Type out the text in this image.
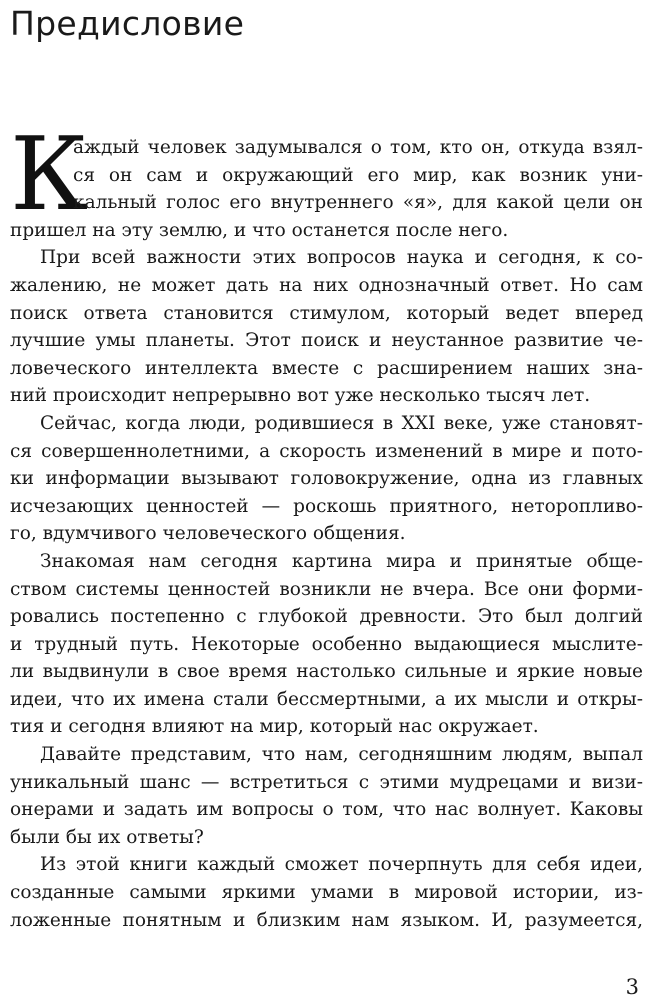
Предисловие
К
аждый человек задумывался о том, кто он, откуда взял-
ся он сам и окружающий его мир, как возник уни-
кальный голос его внутреннего «я», для какой цели он
пришел на эту землю, и что останется после него.
При всей важности этих вопросов наука и сегодня, к со-
жалению, не может дать на них однозначный ответ. Но сам
поиск ответа становится стимулом, который ведет вперед
лучшие умы планеты. Этот поиск и неустанное развитие че-
ловеческого интеллекта вместе с расширением наших зна-
ний происходит непрерывно вот уже несколько тысяч лет.
Сейчас, когда люди, родившиеся в XXI веке, уже становят-
ся совершеннолетними, а скорость изменений в мире и пото-
ки информации вызывают головокружение, одна из главных
исчезающих ценностей — роскошь приятного, неторопливо-
го, вдумчивого человеческого общения.
Знакомая нам сегодня картина мира и принятые обще-
ством системы ценностей возникли не вчера. Все они форми-
ровались постепенно с глубокой древности. Это был долгий
и трудный путь. Некоторые особенно выдающиеся мыслите-
ли выдвинули в свое время настолько сильные и яркие новые
идеи, что их имена стали бессмертными, а их мысли и откры-
тия и сегодня влияют на мир, который нас окружает.
Давайте представим, что нам, сегодняшним людям, выпал
уникальный шанс — встретиться с этими мудрецами и визи-
онерами и задать им вопросы о том, что нас волнует. Каковы
были бы их ответы?
Из этой книги каждый сможет почерпнуть для себя идеи,
созданные самыми яркими умами в мировой истории, из-
ложенные понятным и близким нам языком. И, разумеется,
3
